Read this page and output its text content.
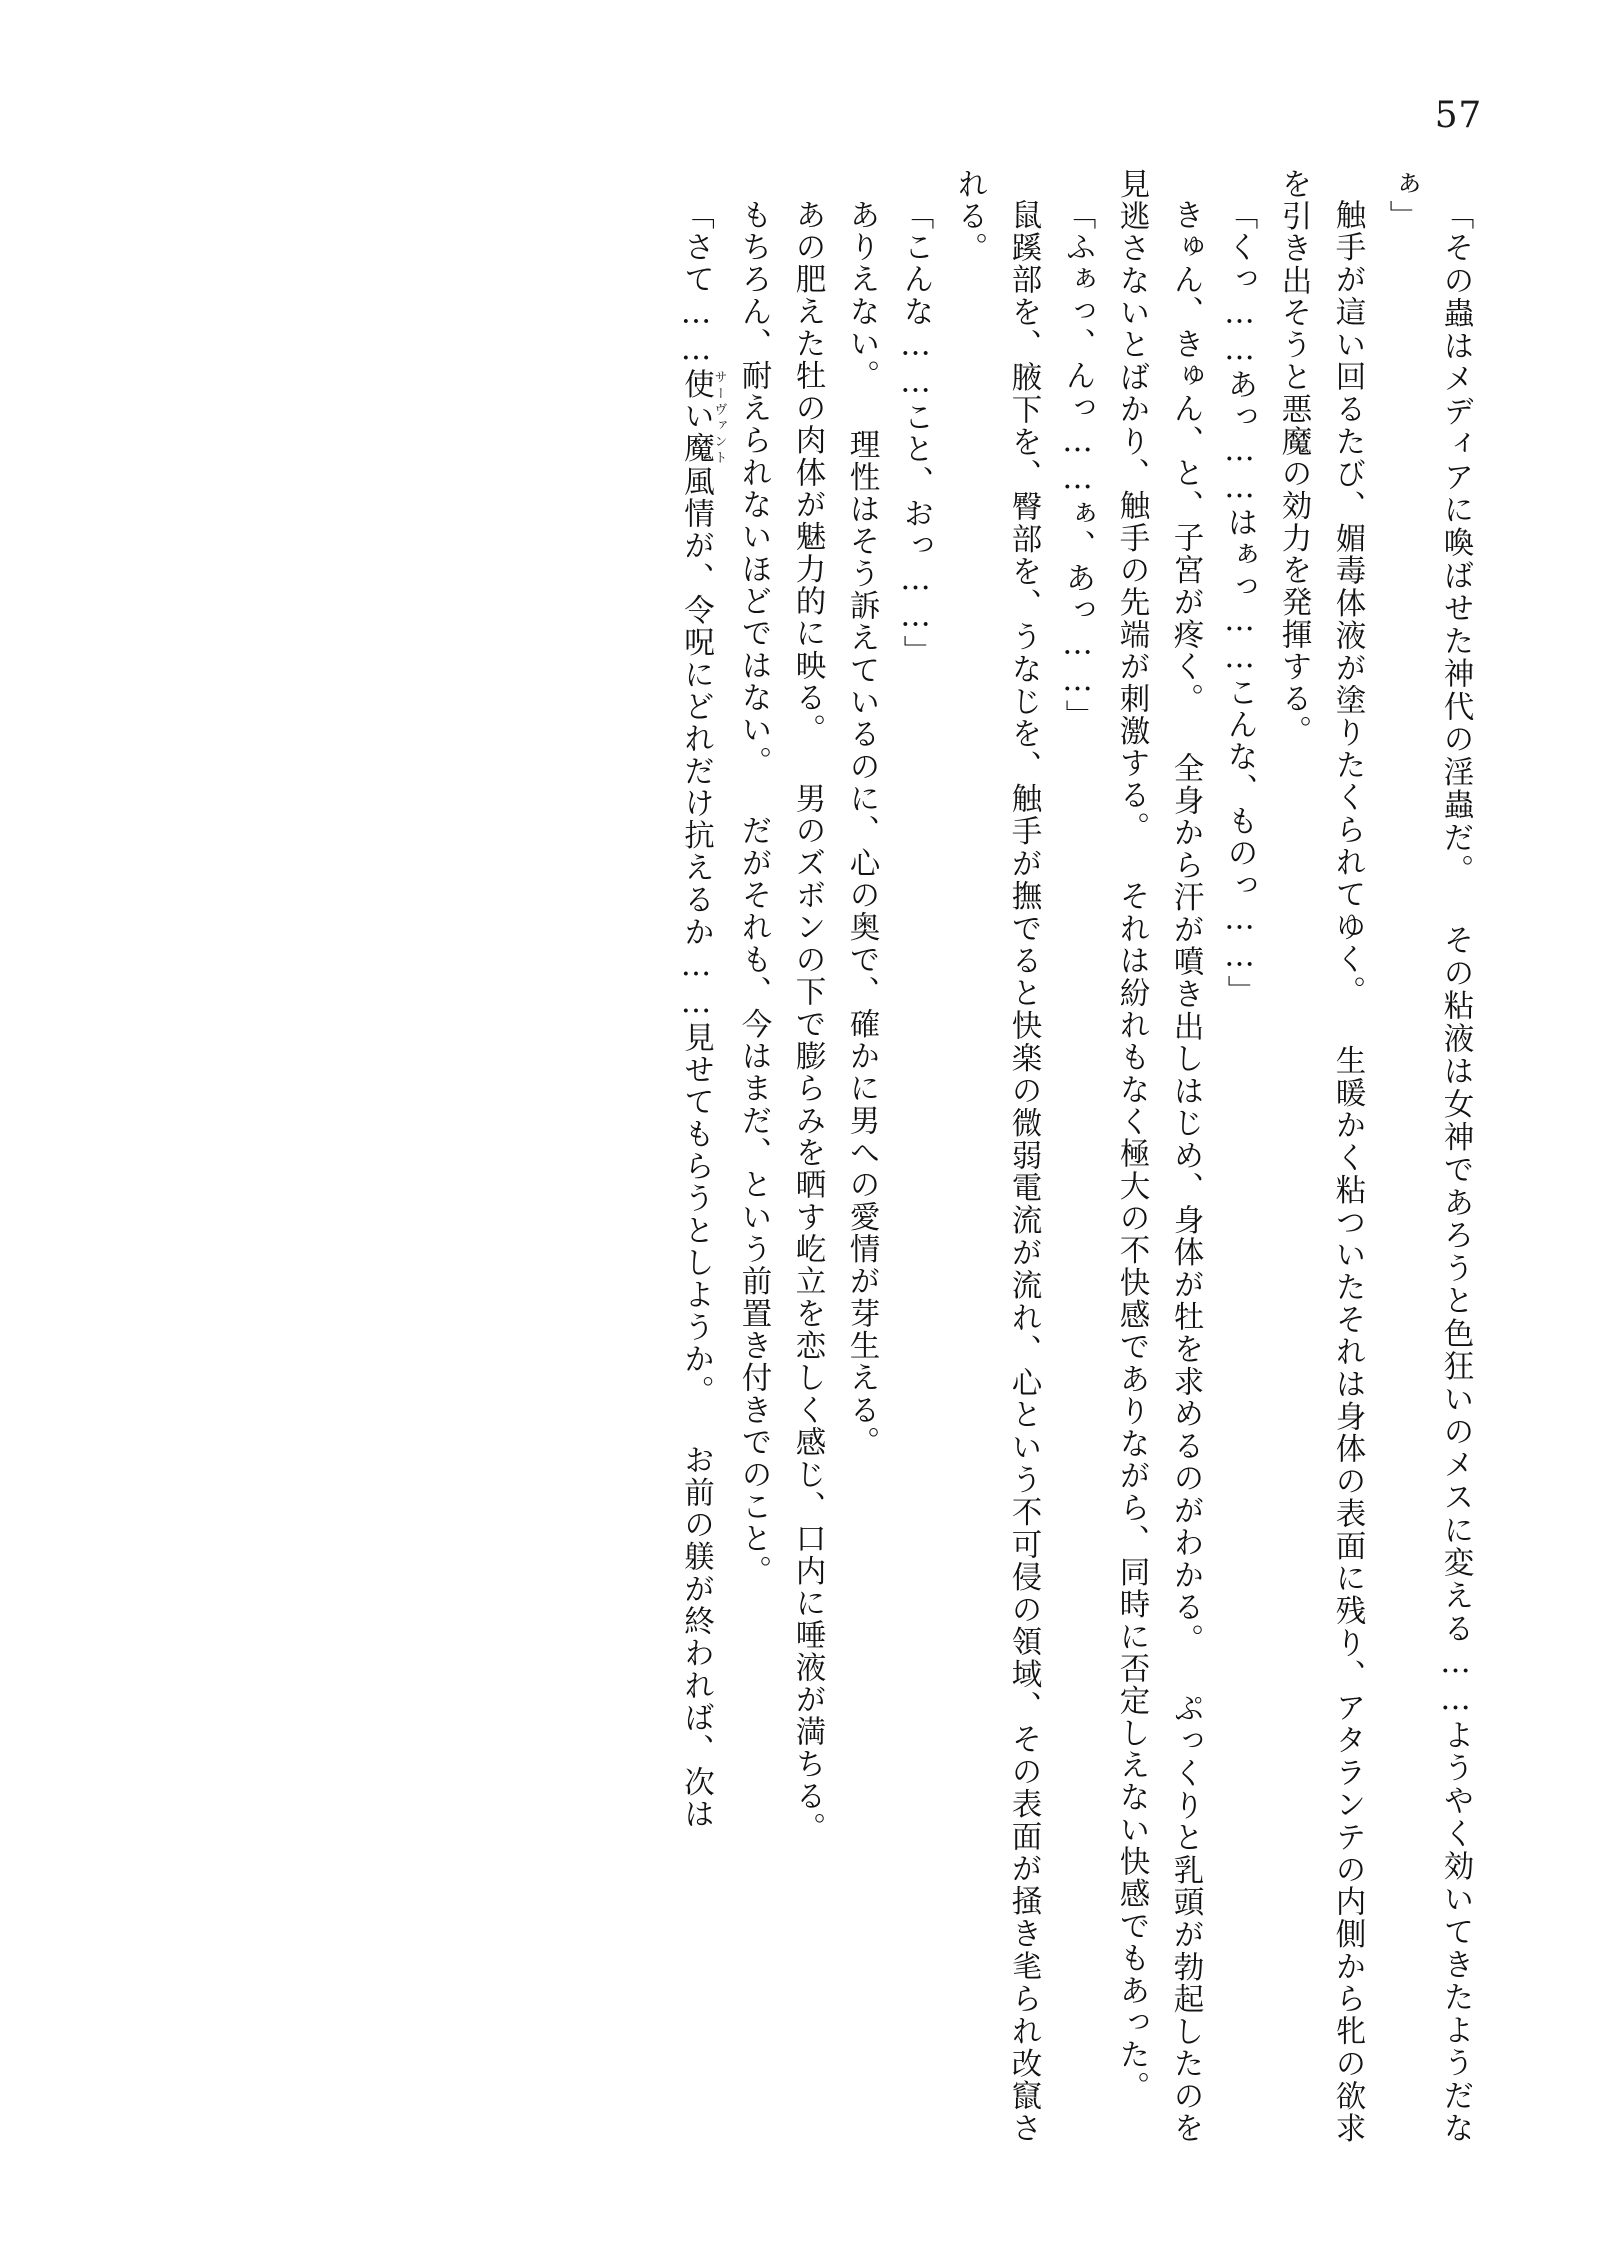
57

「その蟲はメディアに喚ばせた神代の淫蟲だ。 その粘液は女神であろうと色狂いのメスに変える……ようやく効いてきたようだなぁ」

触手が這い回るたび、媚毒体液が塗りたくられてゆく。 生暖かく粘ついたそれは身体の表面に残り、アタランテの内側から牝の欲求を引き出そうと悪魔の効力を発揮する。

「くっ……あっ……はぁっ……こんな、ものっ……」

きゅん、きゅん、と、子宮が疼く。 全身から汗が噴き出しはじめ、身体が牡を求めるのがわかる。 ぷっくりと乳頭が勃起したのを見逃さないとばかり、触手の先端が刺激する。 それは紛れもなく極大の不快感でありながら、同時に否定しえない快感でもあった。

「ふぁっ、んっ……ぁ、あっ……」

鼠蹊部を、腋下を、臀部を、うなじを、触手が撫でると快楽の微弱電流が流れ、心という不可侵の領域、その表面が掻き毟られ改竄される。

「こんな……こと、おっ……」

ありえない。 理性はそう訴えているのに、心の奥で、確かに男への愛情が芽生える。

あの肥えた牡の肉体が魅力的に映る。 男のズボンの下で膨らみを晒す屹立を恋しく感じ、口内に唾液が満ちる。

もちろん、耐えられないほどではない。 だがそれも、今はまだ、という前置き付きでのこと。

「さて……使い魔サーヴァント風情が、令呪にどれだけ抗えるか……見せてもらうとしようか。 お前の躾が終われば、次は
